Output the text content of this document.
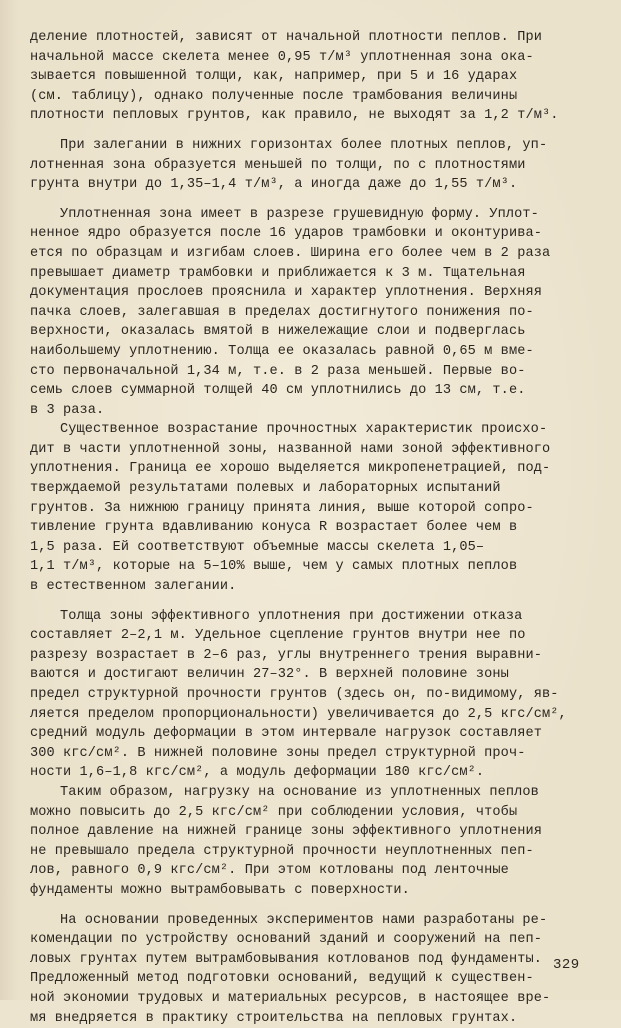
деление плотностей, зависят от начальной плотности пеплов. При
начальной массе скелета менее 0,95 т/м³ уплотненная зона ока-
зывается повышенной толщи, как, например, при 5 и 16 ударах
(см. таблицу), однако полученные после трамбования величины
плотности пепловых грунтов, как правило, не выходят за 1,2 т/м³.

При залегании в нижних горизонтах более плотных пеплов, уп-
лотненная зона образуется меньшей по толщи, по с плотностями
грунта внутри до 1,35–1,4 т/м³, а иногда даже до 1,55 т/м³.

Уплотненная зона имеет в разрезе грушевидную форму. Уплот-
ненное ядро образуется после 16 ударов трамбовки и оконтурива-
ется по образцам и изгибам слоев. Ширина его более чем в 2 раза
превышает диаметр трамбовки и приближается к 3 м. Тщательная
документация прослоев прояснила и характер уплотнения. Верхняя
пачка слоев, залегавшая в пределах достигнутого понижения по-
верхности, оказалась вмятой в нижележащие слои и подверглась
наибольшему уплотнению. Толща ее оказалась равной 0,65 м вме-
сто первоначальной 1,34 м, т.е. в 2 раза меньшей. Первые во-
семь слоев суммарной толщей 40 см уплотнились до 13 см, т.е.
в 3 раза.

Существенное возрастание прочностных характеристик происхо-
дит в части уплотненной зоны, названной нами зоной эффективного
уплотнения. Граница ее хорошо выделяется микропенетрацией, под-
тверждаемой результатами полевых и лабораторных испытаний
грунтов. За нижнюю границу принята линия, выше которой сопро-
тивление грунта вдавливанию конуса R возрастает более чем в
1,5 раза. Ей соответствуют объемные массы скелета 1,05–
1,1 т/м³, которые на 5–10% выше, чем у самых плотных пеплов
в естественном залегании.

Толща зоны эффективного уплотнения при достижении отказа
составляет 2–2,1 м. Удельное сцепление грунтов внутри нее по
разрезу возрастает в 2–6 раз, углы внутреннего трения выравни-
ваются и достигают величин 27–32°. В верхней половине зоны
предел структурной прочности грунтов (здесь он, по-видимому, яв-
ляется пределом пропорциональности) увеличивается до 2,5 кгс/см²,
средний модуль деформации в этом интервале нагрузок составляет
300 кгс/см². В нижней половине зоны предел структурной проч-
ности 1,6–1,8 кгс/см², а модуль деформации 180 кгс/см².

Таким образом, нагрузку на основание из уплотненных пеплов
можно повысить до 2,5 кгс/см² при соблюдении условия, чтобы
полное давление на нижней границе зоны эффективного уплотнения
не превышало предела структурной прочности неуплотненных пеп-
лов, равного 0,9 кгс/см². При этом котлованы под ленточные
фундаменты можно вытрамбовывать с поверхности.

На основании проведенных экспериментов нами разработаны ре-
комендации по устройству оснований зданий и сооружений на пеп-
ловых грунтах путем вытрамбовывания котлованов под фундаменты.
Предложенный метод подготовки оснований, ведущий к существен-
ной экономии трудовых и материальных ресурсов, в настоящее вре-
мя внедряется в практику строительства на пепловых грунтах.

329
